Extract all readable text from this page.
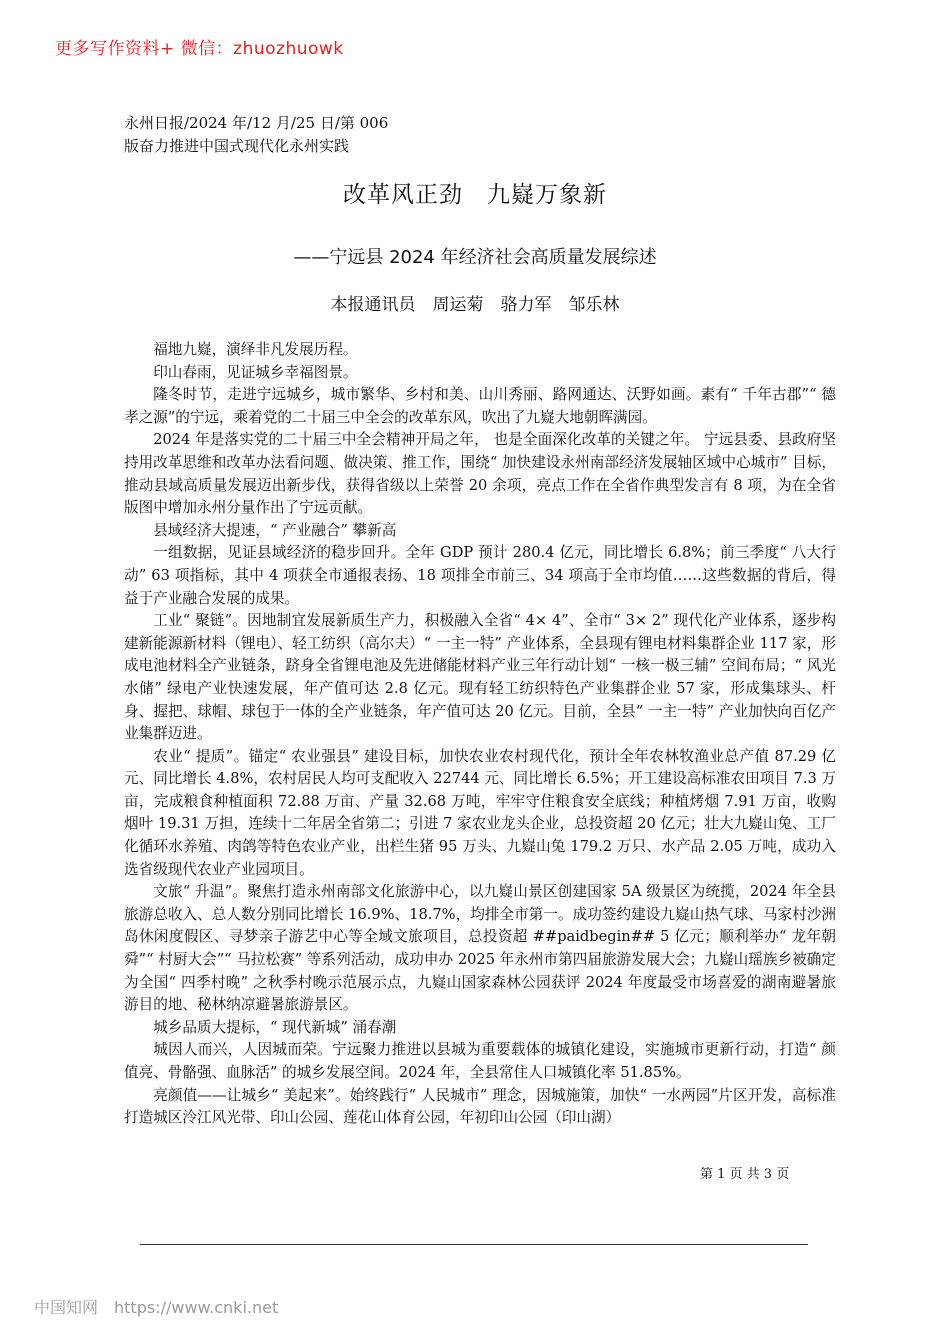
更多写作资料+ 微信：zhuozhuowk
永州日报/2024 年/12 月/25 日/第 006
版奋力推进中国式现代化永州实践
改革风正劲　九嶷万象新
——宁远县 2024 年经济社会高质量发展综述
本报通讯员　周运菊　骆力军　邹乐林

福地九嶷，演绎非凡发展历程。

印山春雨，见证城乡幸福图景。

隆冬时节，走进宁远城乡，城市繁华、乡村和美、山川秀丽、路网通达、沃野如画。素有“ 千年古郡”“ 德孝之源”的宁远，乘着党的二十届三中全会的改革东风，吹出了九嶷大地朝晖满园。

2024 年是落实党的二十届三中全会精神开局之年， 也是全面深化改革的关键之年。 宁远县委、县政府坚持用改革思维和改革办法看问题、做决策、推工作，围绕“ 加快建设永州南部经济发展轴区域中心城市” 目标，推动县域高质量发展迈出新步伐，获得省级以上荣誉 20 余项，亮点工作在全省作典型发言有 8 项，为在全省版图中增加永州分量作出了宁远贡献。

县域经济大提速，“ 产业融合” 攀新高

一组数据，见证县域经济的稳步回升。全年 GDP 预计 280.4 亿元，同比增长 6.8%；前三季度“ 八大行动” 63 项指标，其中 4 项获全市通报表扬、18 项排全市前三、34 项高于全市均值……这些数据的背后，得益于产业融合发展的成果。

工业“ 聚链”。因地制宜发展新质生产力，积极融入全省“ 4× 4”、全市“ 3× 2” 现代化产业体系，逐步构建新能源新材料（锂电）、轻工纺织（高尔夫）“ 一主一特” 产业体系，全县现有锂电材料集群企业 117 家，形成电池材料全产业链条，跻身全省锂电池及先进储能材料产业三年行动计划“ 一核一极三辅” 空间布局；“ 风光水储” 绿电产业快速发展，年产值可达 2.8 亿元。现有轻工纺织特色产业集群企业 57 家，形成集球头、杆身、握把、球帽、球包于一体的全产业链条，年产值可达 20 亿元。目前，全县“ 一主一特” 产业加快向百亿产业集群迈进。

农业“ 提质”。锚定“ 农业强县” 建设目标，加快农业农村现代化，预计全年农林牧渔业总产值 87.29 亿元、同比增长 4.8%，农村居民人均可支配收入 22744 元、同比增长 6.5%；开工建设高标准农田项目 7.3 万亩，完成粮食种植面积 72.88 万亩、产量 32.68 万吨，牢牢守住粮食安全底线；种植烤烟 7.91 万亩，收购烟叶 19.31 万担，连续十二年居全省第二；引进 7 家农业龙头企业，总投资超 20 亿元；壮大九嶷山兔、工厂化循环水养殖、肉鸽等特色农业产业，出栏生猪 95 万头、九嶷山兔 179.2 万只、水产品 2.05 万吨，成功入选省级现代农业产业园项目。

文旅“ 升温”。聚焦打造永州南部文化旅游中心，以九嶷山景区创建国家 5A 级景区为统揽，2024 年全县旅游总收入、总人数分别同比增长 16.9%、18.7%，均排全市第一。成功签约建设九嶷山热气球、马家村沙洲岛休闲度假区、寻梦亲子游艺中心等全域文旅项目，总投资超 ##paidbegin## 5 亿元；顺利举办“ 龙年朝舜”“ 村厨大会”“ 马拉松赛” 等系列活动，成功申办 2025 年永州市第四届旅游发展大会；九嶷山瑶族乡被确定为全国“ 四季村晚” 之秋季村晚示范展示点，九嶷山国家森林公园获评 2024 年度最受市场喜爱的湖南避暑旅游目的地、秘林纳凉避暑旅游景区。

城乡品质大提标，“ 现代新城” 涌春潮

城因人而兴，人因城而荣。宁远聚力推进以县城为重要载体的城镇化建设，实施城市更新行动，打造“ 颜值亮、骨骼强、血脉活” 的城乡发展空间。2024 年，全县常住人口城镇化率 51.85%。

亮颜值——让城乡“ 美起来”。始终践行“ 人民城市” 理念，因城施策，加快“ 一水两园”片区开发，高标准打造城区泠江风光带、印山公园、莲花山体育公园，年初印山公园（印山湖）

第 1 页 共 3 页
中国知网 https://www.cnki.net
